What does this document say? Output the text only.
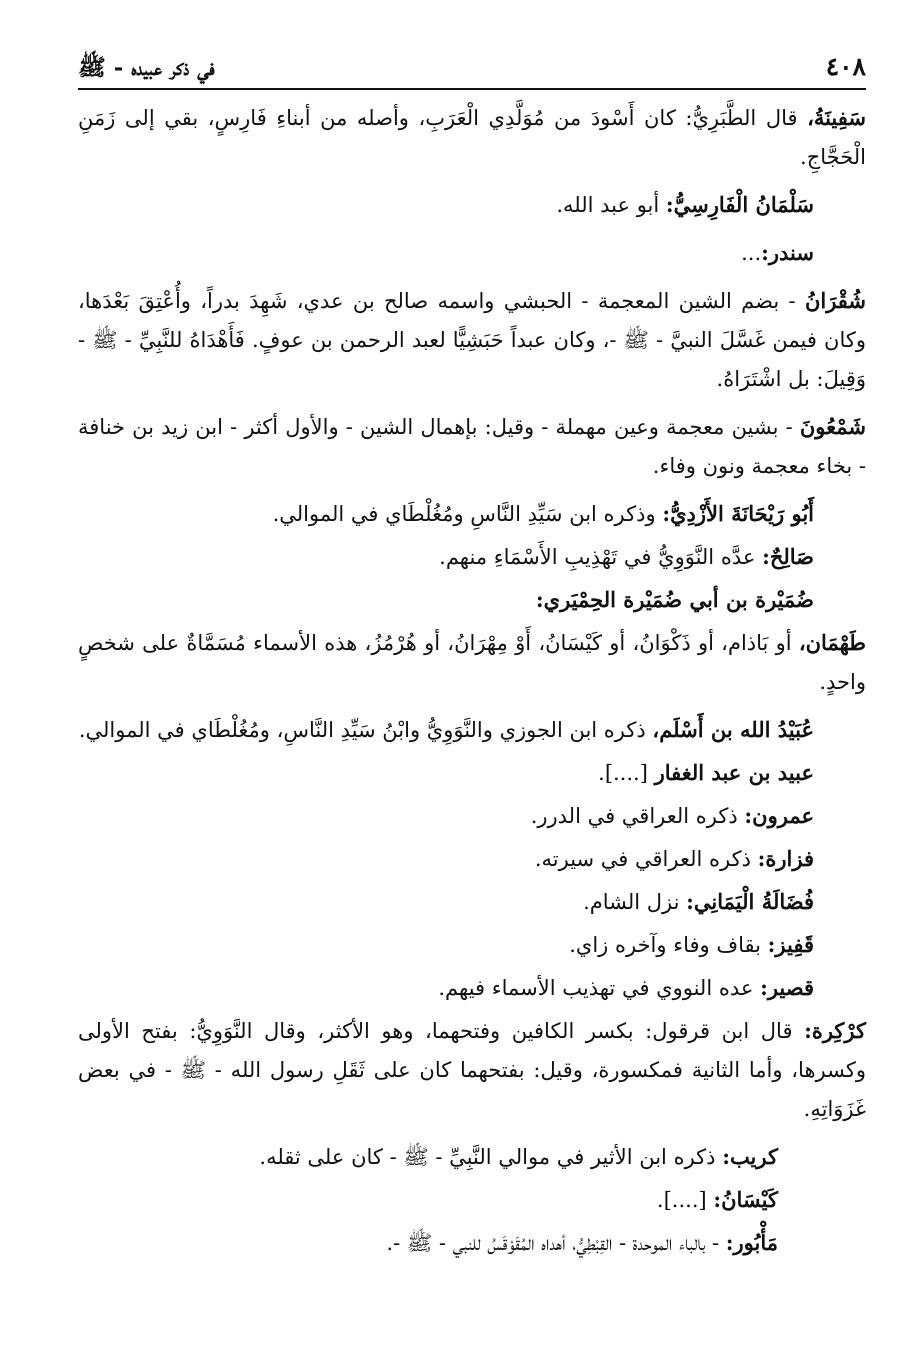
٤٠٨
في ذكر عبيده - ﷺ

سَفِينَةُ، قال الطَّبَرِيُّ: كان أَسْودَ من مُوَلَّدِي الْعَرَبِ، وأصله من أبناءِ فَارِسٍ، بقي إلى زَمَنِ الْحَجَّاجِ.

سَلْمَانُ الْفَارِسِيُّ: أبو عبد الله.

سندر:...

شُقْرَانُ - بضم الشين المعجمة - الحبشي واسمه صالح بن عدي، شَهِدَ بدراً، وأُعْتِقَ بَعْدَها، وكان فيمن غَسَّلَ النبيَّ - ﷺ -، وكان عبداً حَبَشِيًّا لعبد الرحمن بن عوفٍ. فَأَهْدَاهُ للنَّبِيِّ - ﷺ - وَقِيلَ: بل اشْتَرَاهُ.

شَمْعُونَ - بشين معجمة وعين مهملة - وقيل: بإهمال الشين - والأول أكثر - ابن زيد بن خنافة - بخاء معجمة ونون وفاء.

أَبُو رَيْحَانَةَ الأَزْدِيُّ: وذكره ابن سَيِّدِ النَّاسِ ومُغُلْطَاي في الموالي.

صَالِحٌ: عدَّه النَّوَوِيُّ في تَهْذِيبِ الأَسْمَاءِ منهم.

ضُمَيْرة بن أبي ضُمَيْرة الحِمْيَري:

طَهْمَان، أو بَاذام، أو ذَكْوَانُ، أو كَيْسَانُ، أَوْ مِهْرَانُ، أو هُرْمُزُ، هذه الأسماء مُسَمَّاةٌ على شخصٍ واحدٍ.

عُبَيْدُ الله بن أَسْلَم، ذكره ابن الجوزي والنَّوَوِيُّ وابْنُ سَيِّدِ النَّاسِ، ومُغُلْطَاي في الموالي.

عبيد بن عبد الغفار [....].

عمرون: ذكره العراقي في الدرر.

فزارة: ذكره العراقي في سيرته.

فُضَالَةُ الْيَمَانِي: نزل الشام.

قَفِيز: بقاف وفاء وآخره زاي.

قصير: عده النووي في تهذيب الأسماء فيهم.

كرْكِرة: قال ابن قرقول: بكسر الكافين وفتحهما، وهو الأكثر، وقال النَّوَوِيُّ: بفتح الأولى وكسرها، وأما الثانية فمكسورة، وقيل: بفتحهما كان على ثَقَلِ رسول الله - ﷺ - في بعض غَزَوَاتِهِ.

كريب: ذكره ابن الأثير في موالي النَّبِيِّ - ﷺ - كان على ثقله.

كَيْسَانُ: [....].

مَأْبُور: - بالباء الموحدة - القِبْطِيُّ، أهداه المُقَوْقَسُ للنبي - ﷺ -.
